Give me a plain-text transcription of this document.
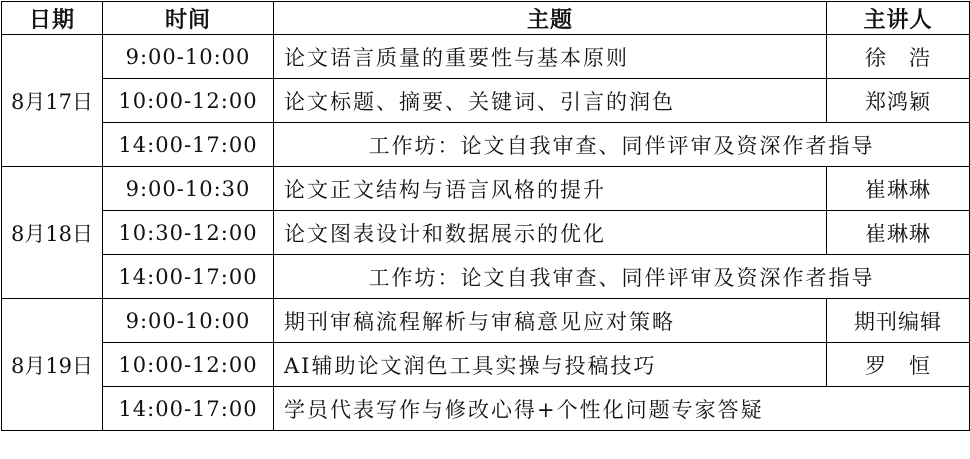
日期	时间	主题	主讲人
8月17日	9:00-10:00	论文语言质量的重要性与基本原则	徐　浩
	10:00-12:00	论文标题、摘要、关键词、引言的润色	郑鸿颖
	14:00-17:00	工作坊：论文自我审查、同伴评审及资深作者指导	
8月18日	9:00-10:30	论文正文结构与语言风格的提升	崔琳琳
	10:30-12:00	论文图表设计和数据展示的优化	崔琳琳
	14:00-17:00	工作坊：论文自我审查、同伴评审及资深作者指导	
8月19日	9:00-10:00	期刊审稿流程解析与审稿意见应对策略	期刊编辑
	10:00-12:00	AI辅助论文润色工具实操与投稿技巧	罗　恒
	14:00-17:00	学员代表写作与修改心得+个性化问题专家答疑	
